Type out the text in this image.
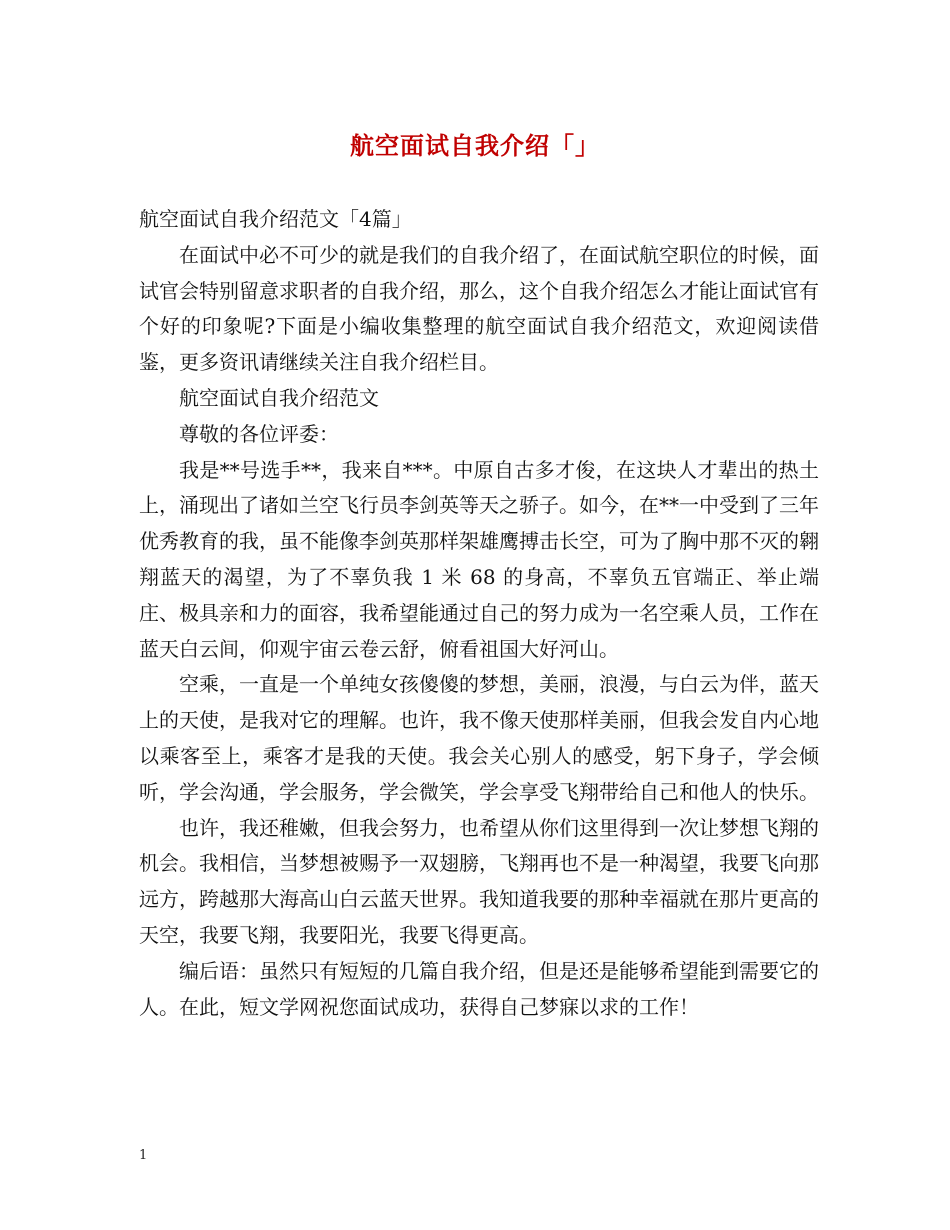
航空面试自我介绍「」

航空面试自我介绍范文「4篇」

在面试中必不可少的就是我们的自我介绍了，在面试航空职位的时候，面试官会特别留意求职者的自我介绍，那么，这个自我介绍怎么才能让面试官有个好的印象呢?下面是小编收集整理的航空面试自我介绍范文，欢迎阅读借鉴，更多资讯请继续关注自我介绍栏目。

航空面试自我介绍范文

尊敬的各位评委：

我是**号选手**，我来自***。中原自古多才俊，在这块人才辈出的热土上，涌现出了诸如兰空飞行员李剑英等天之骄子。如今，在**一中受到了三年优秀教育的我，虽不能像李剑英那样架雄鹰搏击长空，可为了胸中那不灭的翱翔蓝天的渴望，为了不辜负我 1 米 68 的身高，不辜负五官端正、举止端庄、极具亲和力的面容，我希望能通过自己的努力成为一名空乘人员，工作在蓝天白云间，仰观宇宙云卷云舒，俯看祖国大好河山。

空乘，一直是一个单纯女孩傻傻的梦想，美丽，浪漫，与白云为伴，蓝天上的天使，是我对它的理解。也许，我不像天使那样美丽，但我会发自内心地以乘客至上，乘客才是我的天使。我会关心别人的感受，躬下身子，学会倾听，学会沟通，学会服务，学会微笑，学会享受飞翔带给自己和他人的快乐。

也许，我还稚嫩，但我会努力，也希望从你们这里得到一次让梦想飞翔的机会。我相信，当梦想被赐予一双翅膀，飞翔再也不是一种渴望，我要飞向那远方，跨越那大海高山白云蓝天世界。我知道我要的那种幸福就在那片更高的天空，我要飞翔，我要阳光，我要飞得更高。

编后语：虽然只有短短的几篇自我介绍，但是还是能够希望能到需要它的人。在此，短文学网祝您面试成功，获得自己梦寐以求的工作！

1
